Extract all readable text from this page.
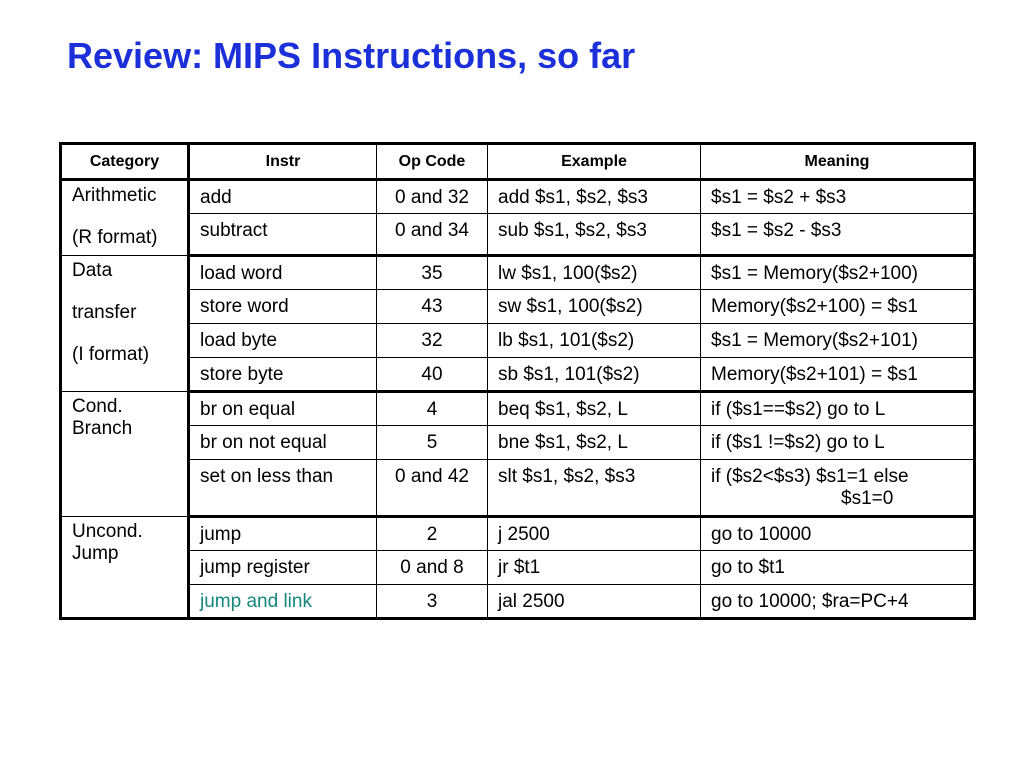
Review: MIPS Instructions, so far
Category	Instr	Op Code	Example	Meaning

Arithmetic
(R format)	add	0 and 32	add $s1, $s2, $s3	$s1 = $s2 + $s3
	subtract	0 and 34	sub $s1, $s2, $s3	$s1 = $s2 - $s3

Data
transfer
(I format)	load word	35	lw $s1, 100($s2)	$s1 = Memory($s2+100)
	store word	43	sw $s1, 100($s2)	Memory($s2+100) = $s1
	load byte	32	lb $s1, 101($s2)	$s1 = Memory($s2+101)
	store byte	40	sb $s1, 101($s2)	Memory($s2+101) = $s1

Cond.
Branch	br on equal	4	beq $s1, $s2, L	if ($s1==$s2) go to L
	br on not equal	5	bne $s1, $s2, L	if ($s1 !=$s2) go to L
	set on less than	0 and 42	slt $s1, $s2, $s3	if ($s2<$s3) $s1=1 else
$s1=0

Uncond.
Jump	jump	2	j 2500	go to 10000
	jump register	0 and 8	jr $t1	go to $t1
	jump and link	3	jal 2500	go to 10000; $ra=PC+4
